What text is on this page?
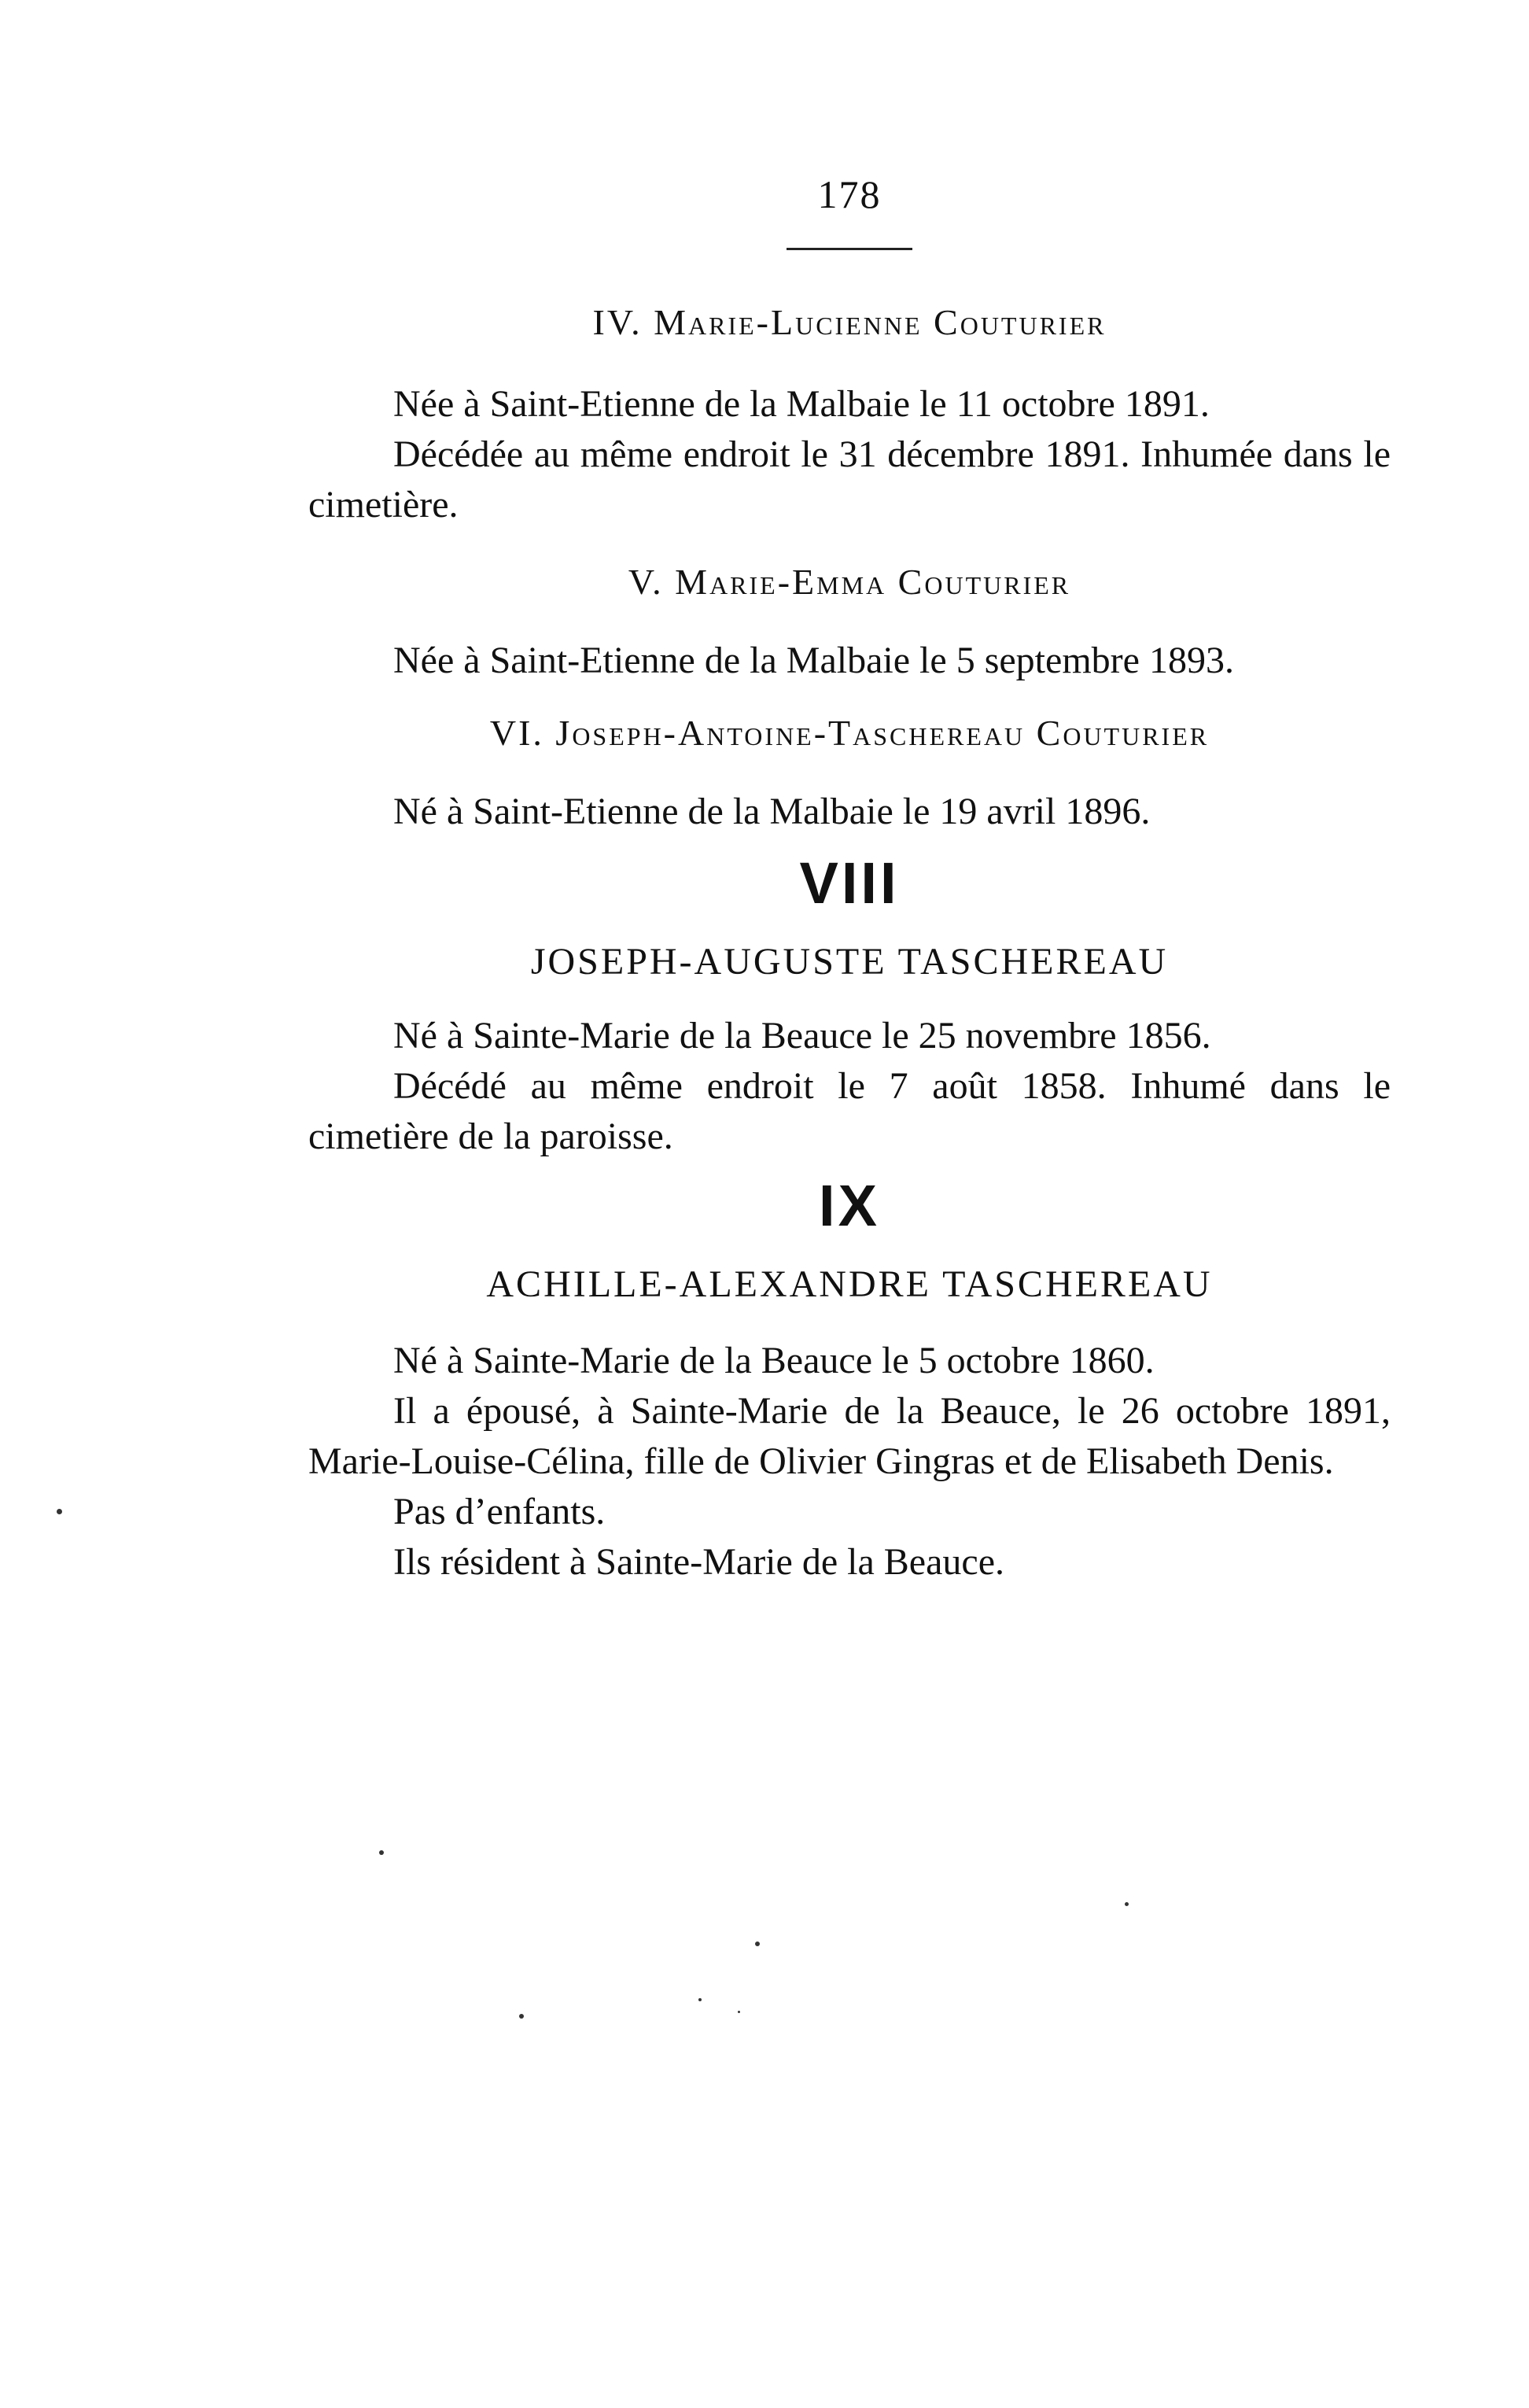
178
IV. Marie-Lucienne Couturier

Née à Saint-Etienne de la Malbaie le 11 octobre 1891.

Décédée au même endroit le 31 décembre 1891. Inhumée dans le cimetière.

V. Marie-Emma Couturier

Née à Saint-Etienne de la Malbaie le 5 septembre 1893.

VI. Joseph-Antoine-Taschereau Couturier

Né à Saint-Etienne de la Malbaie le 19 avril 1896.

VIII
JOSEPH-AUGUSTE TASCHEREAU

Né à Sainte-Marie de la Beauce le 25 novembre 1856.

Décédé au même endroit le 7 août 1858. Inhumé dans le cimetière de la paroisse.

IX
ACHILLE-ALEXANDRE TASCHEREAU

Né à Sainte-Marie de la Beauce le 5 octobre 1860.

Il a épousé, à Sainte-Marie de la Beauce, le 26 octobre 1891, Marie-Louise-Célina, fille de Olivier Gingras et de Elisabeth Denis.

Pas d’enfants.

Ils résident à Sainte-Marie de la Beauce.
